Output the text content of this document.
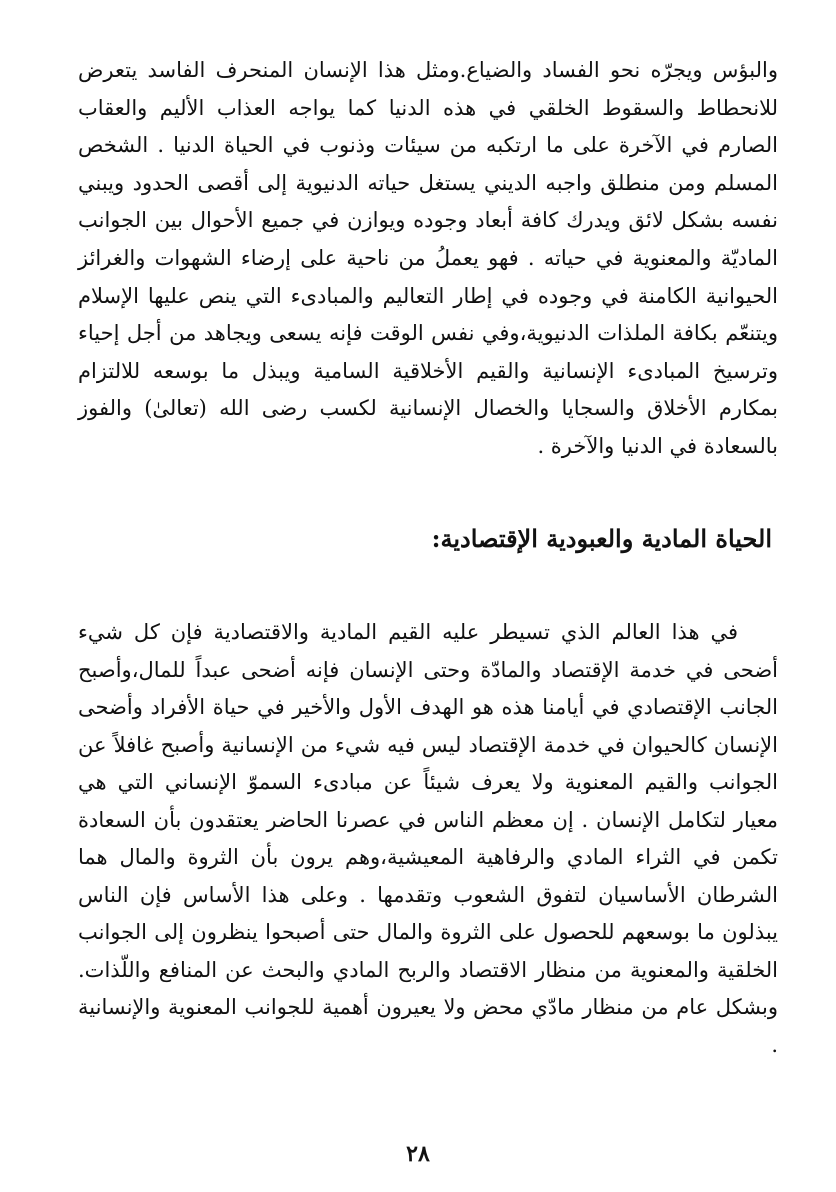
والبؤس ويجرّه نحو الفساد والضياع.ومثل هذا الإنسان المنحرف الفاسد يتعرض للانحطاط والسقوط الخلقي في هذه الدنيا كما يواجه العذاب الأليم والعقاب الصارم في الآخرة على ما ارتكبه من سيئات وذنوب في الحياة الدنيا . الشخص المسلم ومن منطلق واجبه الديني يستغل حياته الدنيوية إلى أقصى الحدود ويبني نفسه بشكل لائق ويدرك كافة أبعاد وجوده ويوازن في جميع الأحوال بين الجوانب الماديّة والمعنوية في حياته . فهو يعملُ من ناحية على إرضاء الشهوات والغرائز الحيوانية الكامنة في وجوده في إطار التعاليم والمبادىء التي ينص عليها الإسلام ويتنعّم بكافة الملذات الدنيوية،وفي نفس الوقت فإنه يسعى ويجاهد من أجل إحياء وترسيخ المبادىء الإنسانية والقيم الأخلاقية السامية ويبذل ما بوسعه للالتزام بمكارم الأخلاق والسجايا والخصال الإنسانية لكسب رضى الله (تعالىٰ) والفوز بالسعادة في الدنيا والآخرة .

الحياة المادية والعبودية الإقتصادية:

في هذا العالم الذي تسيطر عليه القيم المادية والاقتصادية فإن كل شيء أضحى في خدمة الإقتصاد والمادّة وحتى الإنسان فإنه أضحى عبداً للمال،وأصبح الجانب الإقتصادي في أيامنا هذه هو الهدف الأول والأخير في حياة الأفراد وأضحى الإنسان كالحيوان في خدمة الإقتصاد ليس فيه شيء من الإنسانية وأصبح غافلاً عن الجوانب والقيم المعنوية ولا يعرف شيئاً عن مبادىء السموّ الإنساني التي هي معيار لتكامل الإنسان . إن معظم الناس في عصرنا الحاضر يعتقدون بأن السعادة تكمن في الثراء المادي والرفاهية المعيشية،وهم يرون بأن الثروة والمال هما الشرطان الأساسيان لتفوق الشعوب وتقدمها . وعلى هذا الأساس فإن الناس يبذلون ما بوسعهم للحصول على الثروة والمال حتى أصبحوا ينظرون إلى الجوانب الخلقية والمعنوية من منظار الاقتصاد والربح المادي والبحث عن المنافع واللّذات. وبشكل عام من منظار مادّي محض ولا يعيرون أهمية للجوانب المعنوية والإنسانية .

٢٨
